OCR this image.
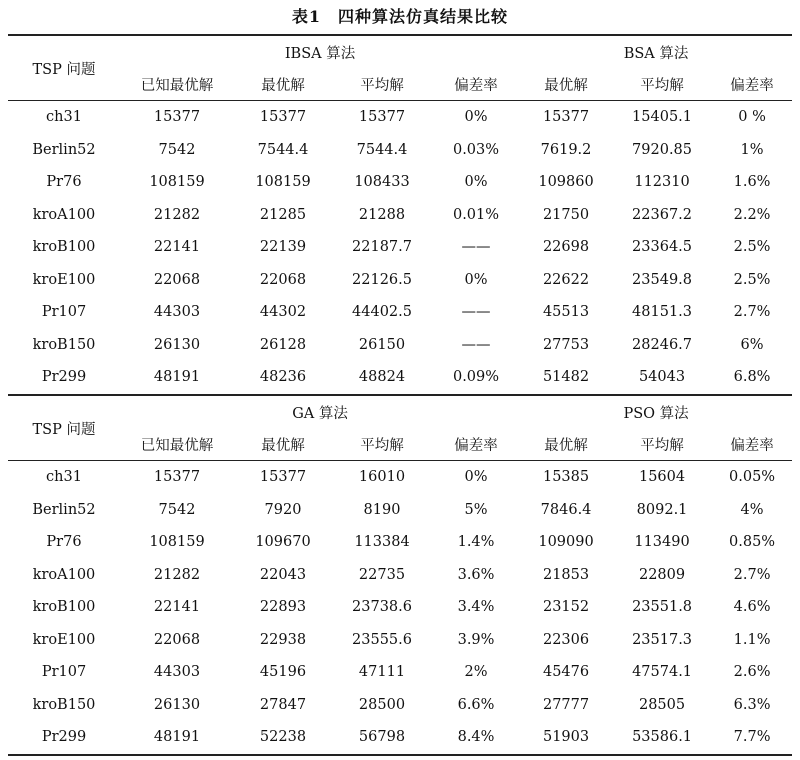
表1　四种算法仿真结果比较
TSP 问题	IBSA 算法				BSA 算法		
	已知最优解	最优解	平均解	偏差率	最优解	平均解	偏差率
ch31	15377	15377	15377	0%	15377	15405.1	0 %
Berlin52	7542	7544.4	7544.4	0.03%	7619.2	7920.85	1%
Pr76	108159	108159	108433	0%	109860	112310	1.6%
kroA100	21282	21285	21288	0.01%	21750	22367.2	2.2%
kroB100	22141	22139	22187.7	——	22698	23364.5	2.5%
kroE100	22068	22068	22126.5	0%	22622	23549.8	2.5%
Pr107	44303	44302	44402.5	——	45513	48151.3	2.7%
kroB150	26130	26128	26150	——	27753	28246.7	6%
Pr299	48191	48236	48824	0.09%	51482	54043	6.8%
TSP 问题	GA 算法				PSO 算法		
	已知最优解	最优解	平均解	偏差率	最优解	平均解	偏差率
ch31	15377	15377	16010	0%	15385	15604	0.05%
Berlin52	7542	7920	8190	5%	7846.4	8092.1	4%
Pr76	108159	109670	113384	1.4%	109090	113490	0.85%
kroA100	21282	22043	22735	3.6%	21853	22809	2.7%
kroB100	22141	22893	23738.6	3.4%	23152	23551.8	4.6%
kroE100	22068	22938	23555.6	3.9%	22306	23517.3	1.1%
Pr107	44303	45196	47111	2%	45476	47574.1	2.6%
kroB150	26130	27847	28500	6.6%	27777	28505	6.3%
Pr299	48191	52238	56798	8.4%	51903	53586.1	7.7%
